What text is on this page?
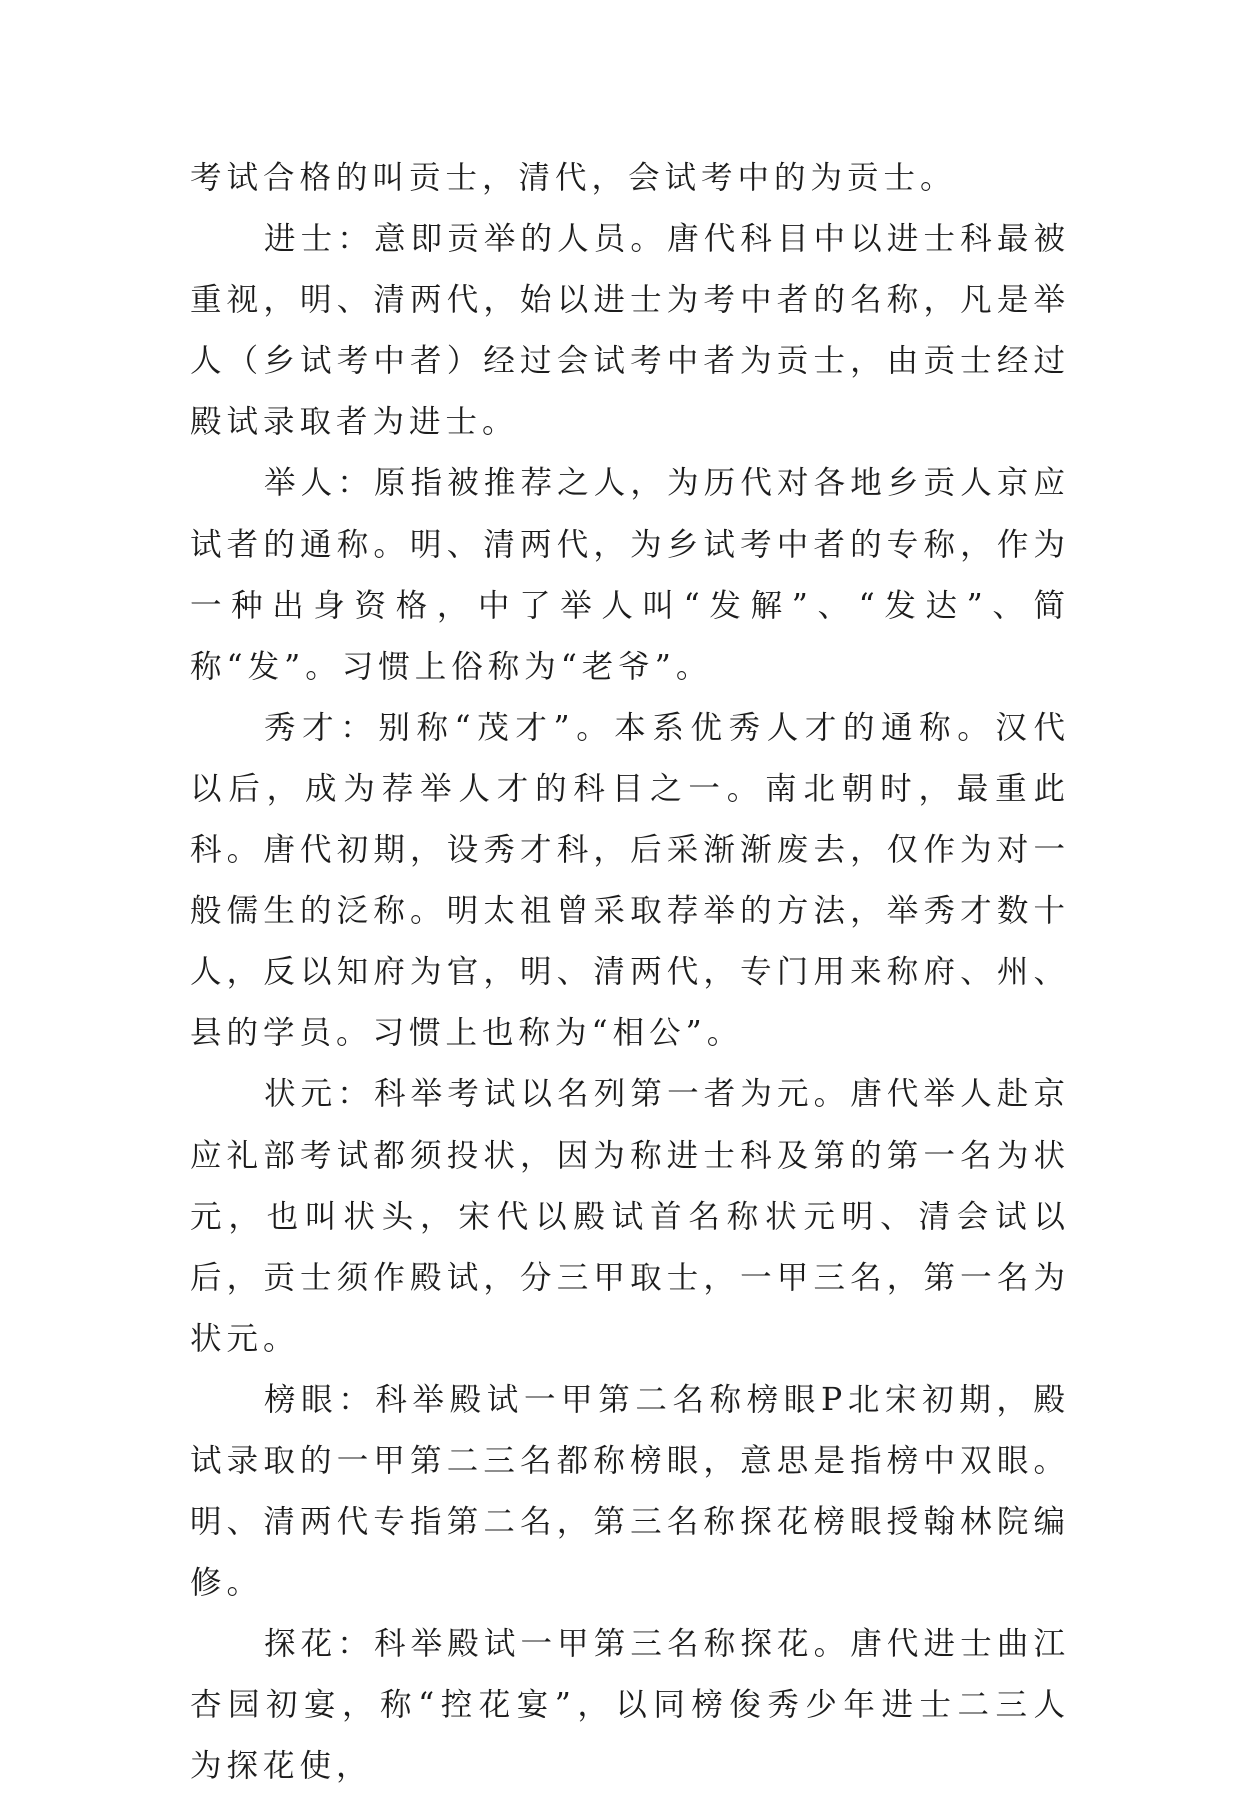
考试合格的叫贡士，清代，会试考中的为贡士。

进士：意即贡举的人员。唐代科目中以进士科最被重视，明、清两代，始以进士为考中者的名称，凡是举人（乡试考中者）经过会试考中者为贡士，由贡士经过殿试录取者为进士。

举人：原指被推荐之人，为历代对各地乡贡人京应试者的通称。明、清两代，为乡试考中者的专称，作为一种出身资格，中了举人叫“发解”、“发达”、简称“发”。习惯上俗称为“老爷”。

秀才：别称“茂才”。本系优秀人才的通称。汉代以后，成为荐举人才的科目之一。南北朝时，最重此科。唐代初期，设秀才科，后采渐渐废去，仅作为对一般儒生的泛称。明太祖曾采取荐举的方法，举秀才数十人，反以知府为官，明、清两代，专门用来称府、州、县的学员。习惯上也称为“相公”。

状元：科举考试以名列第一者为元。唐代举人赴京应礼部考试都须投状，因为称进士科及第的第一名为状元，也叫状头，宋代以殿试首名称状元明、清会试以后，贡士须作殿试，分三甲取士，一甲三名，第一名为状元。

榜眼：科举殿试一甲第二名称榜眼P北宋初期，殿试录取的一甲第二三名都称榜眼，意思是指榜中双眼。明、清两代专指第二名，第三名称探花榜眼授翰林院编修。

探花：科举殿试一甲第三名称探花。唐代进士曲江杏园初宴，称“控花宴”，以同榜俊秀少年进士二三人为探花使，
